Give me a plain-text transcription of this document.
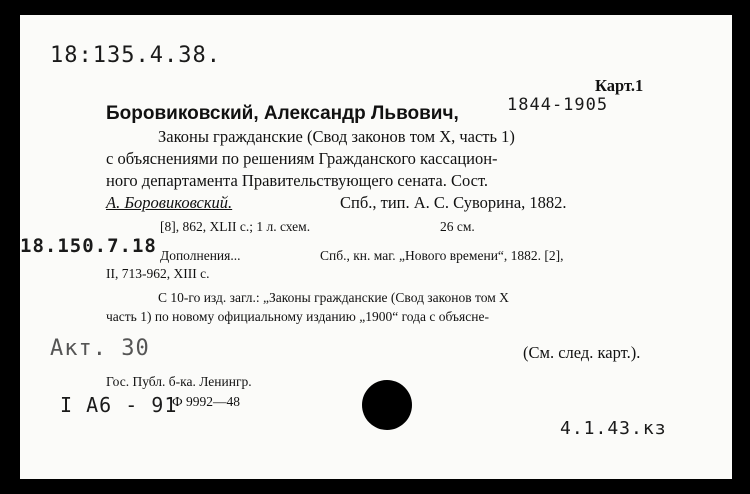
18:135.4.38.
Карт.1
Боровиковский, Александр Львович,	1844-1905
Законы гражданские (Свод законов том X, часть 1)
с объяснениями по решениям Гражданского кассацион-
ного департамента Правительствующего сената. Сост.
А. Боровиковский.	Спб., тип. А. С. Суворина, 1882.
[8], 862, XLII с.; 1 л. схем.	26 см.
18.150.7.18 Дополнения...	Спб., кн. маг. „Нового времени“, 1882. [2],
II, 713-962, XIII с.
С 10-го изд. загл.: „Законы гражданские (Свод законов том X
часть 1) по новому официальному изданию „1900“ года с объясне-
Акт. 30	(См. след. карт.).
Гос. Публ. б-ка. Ленингр.
I А6 - 91
Ф 9992—48
4.1.43.кз
